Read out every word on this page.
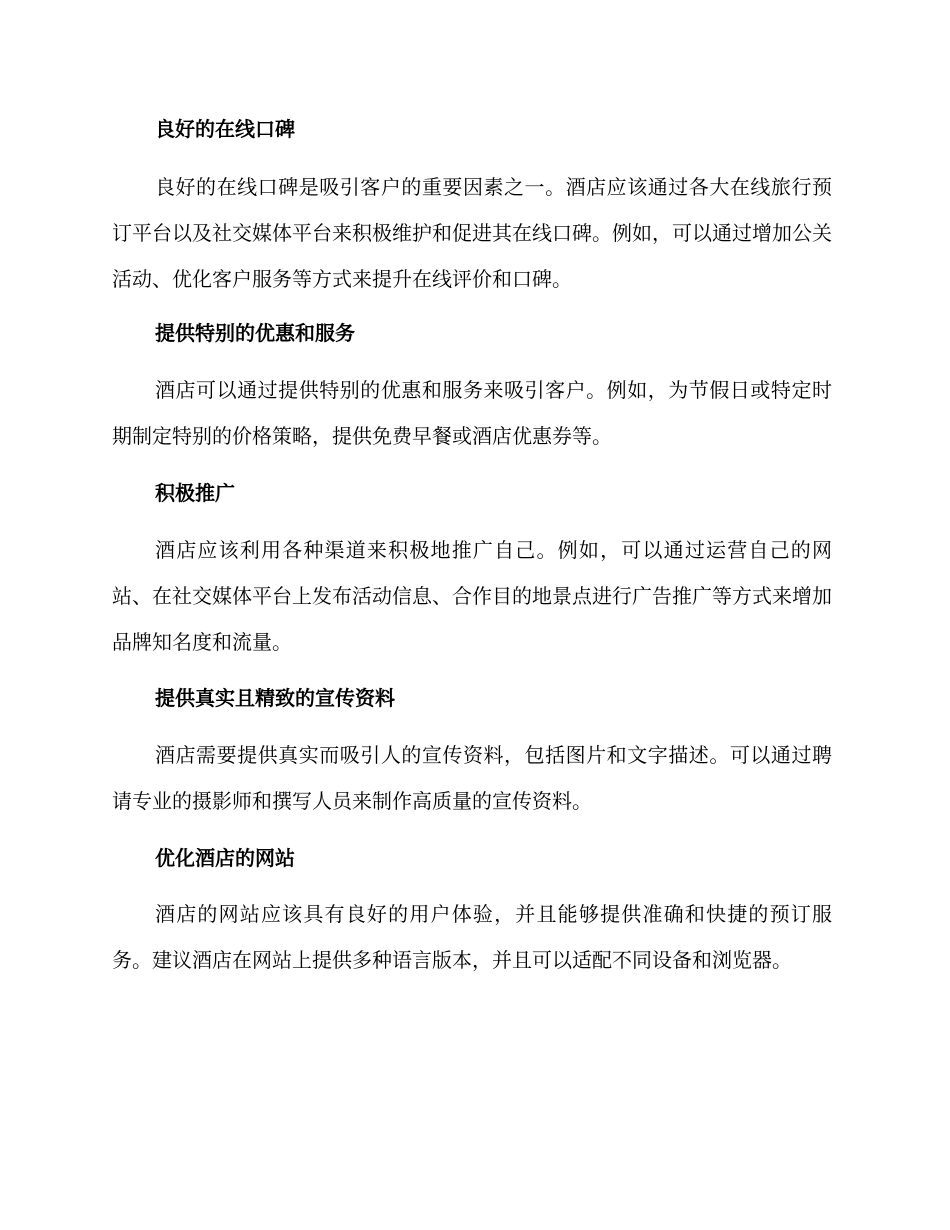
良好的在线口碑

良好的在线口碑是吸引客户的重要因素之一。酒店应该通过各大在线旅行预订平台以及社交媒体平台来积极维护和促进其在线口碑。例如，可以通过增加公关活动、优化客户服务等方式来提升在线评价和口碑。

提供特别的优惠和服务

酒店可以通过提供特别的优惠和服务来吸引客户。例如，为节假日或特定时期制定特别的价格策略，提供免费早餐或酒店优惠券等。

积极推广

酒店应该利用各种渠道来积极地推广自己。例如，可以通过运营自己的网站、在社交媒体平台上发布活动信息、合作目的地景点进行广告推广等方式来增加品牌知名度和流量。

提供真实且精致的宣传资料

酒店需要提供真实而吸引人的宣传资料，包括图片和文字描述。可以通过聘请专业的摄影师和撰写人员来制作高质量的宣传资料。

优化酒店的网站

酒店的网站应该具有良好的用户体验，并且能够提供准确和快捷的预订服务。建议酒店在网站上提供多种语言版本，并且可以适配不同设备和浏览器。
